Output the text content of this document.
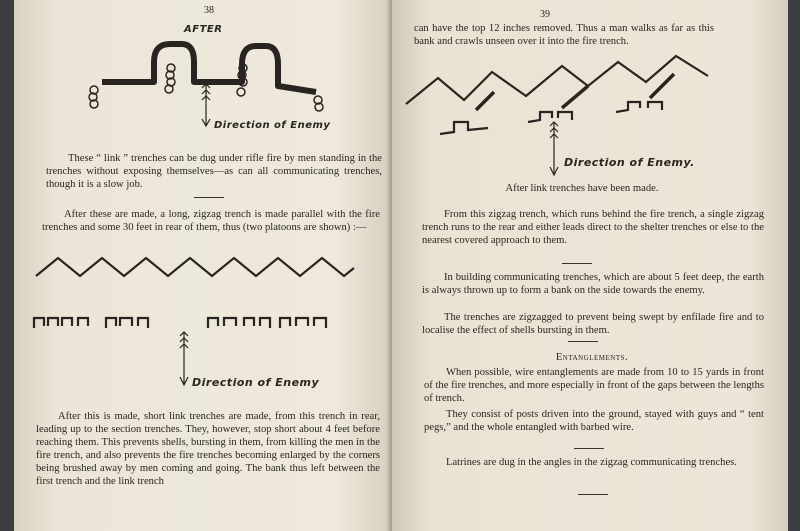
38
AFTER
Direction of Enemy
These “ link ” trenches can be dug under rifle fire by men standing in the trenches without exposing themselves—as can all communicating trenches, though it is a slow job.
After these are made, a long, zigzag trench is made parallel with the fire trenches and some 30 feet in rear of them, thus (two platoons are shown) :—
Direction of Enemy
After this is made, short link trenches are made, from this trench in rear, leading up to the section trenches. They, however, stop short about 4 feet before reaching them. This prevents shells, bursting in them, from killing the men in the fire trench, and also prevents the fire trenches becoming enlarged by the corners being brushed away by men coming and going. The bank thus left between the first trench and the link trench
39
can have the top 12 inches removed. Thus a man walks as far as this bank and crawls unseen over it into the fire trench.
Direction of Enemy.
After link trenches have been made.
From this zigzag trench, which runs behind the fire trench, a single zigzag trench runs to the rear and either leads direct to the shelter trenches or else to the nearest covered approach to them.
In building communicating trenches, which are about 5 feet deep, the earth is always thrown up to form a bank on the side towards the enemy.
The trenches are zigzagged to prevent being swept by enfilade fire and to localise the effect of shells bursting in them.
Entanglements.
When possible, wire entanglements are made from 10 to 15 yards in front of the fire trenches, and more especially in front of the gaps between the lengths of trench.
They consist of posts driven into the ground, stayed with guys and “ tent pegs,” and the whole entangled with barbed wire.
Latrines are dug in the angles in the zigzag communicating trenches.
